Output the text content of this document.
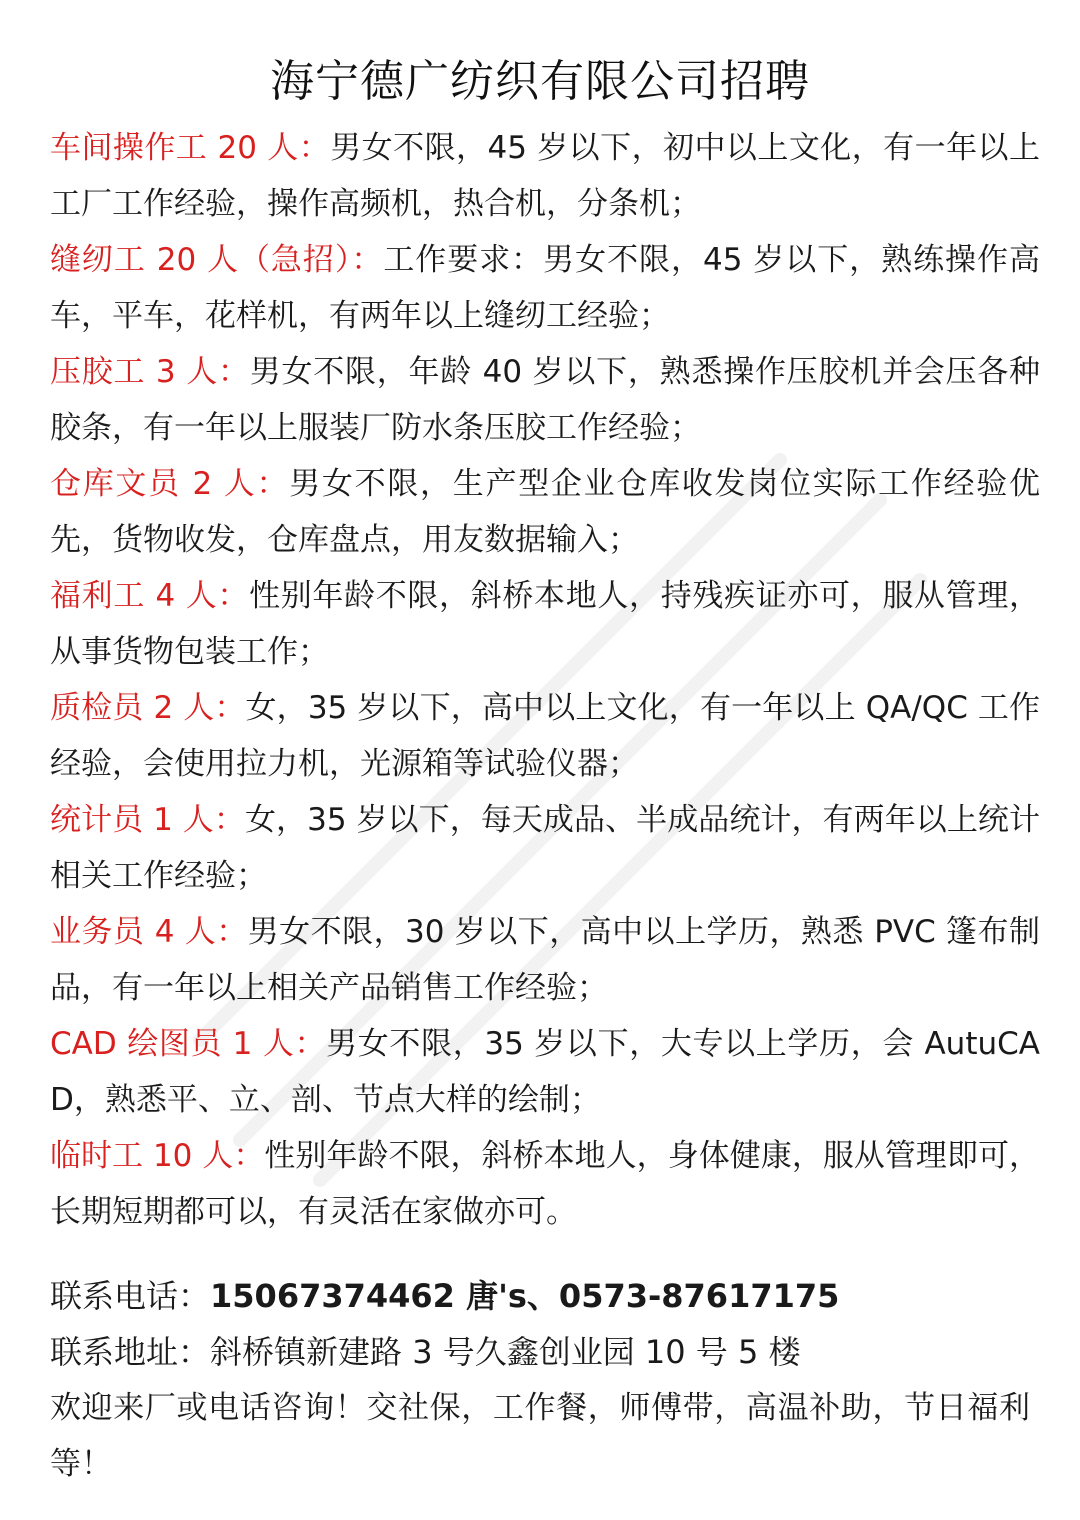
海宁德广纺织有限公司招聘

车间操作工 20 人：男女不限，45 岁以下，初中以上文化，有一年以上工厂工作经验，操作高频机，热合机，分条机；

缝纫工 20 人（急招）：工作要求：男女不限，45 岁以下，熟练操作高车，平车，花样机，有两年以上缝纫工经验；

压胶工 3 人：男女不限，年龄 40 岁以下，熟悉操作压胶机并会压各种胶条，有一年以上服装厂防水条压胶工作经验；

仓库文员 2 人：男女不限，生产型企业仓库收发岗位实际工作经验优先，货物收发，仓库盘点，用友数据输入；

福利工 4 人：性别年龄不限，斜桥本地人，持残疾证亦可，服从管理，从事货物包装工作；

质检员 2 人：女，35 岁以下，高中以上文化，有一年以上 QA/QC 工作经验，会使用拉力机，光源箱等试验仪器；

统计员 1 人：女，35 岁以下，每天成品、半成品统计，有两年以上统计相关工作经验；

业务员 4 人：男女不限，30 岁以下，高中以上学历，熟悉 PVC 篷布制品，有一年以上相关产品销售工作经验；

CAD 绘图员 1 人：男女不限，35 岁以下，大专以上学历，会 AutuCAD，熟悉平、立、剖、节点大样的绘制；

临时工 10 人：性别年龄不限，斜桥本地人，身体健康，服从管理即可，长期短期都可以，有灵活在家做亦可。

联系电话：15067374462 唐's、0573-87617175
联系地址：斜桥镇新建路 3 号久鑫创业园 10 号 5 楼
欢迎来厂或电话咨询！交社保，工作餐，师傅带，高温补助，节日福利等！
